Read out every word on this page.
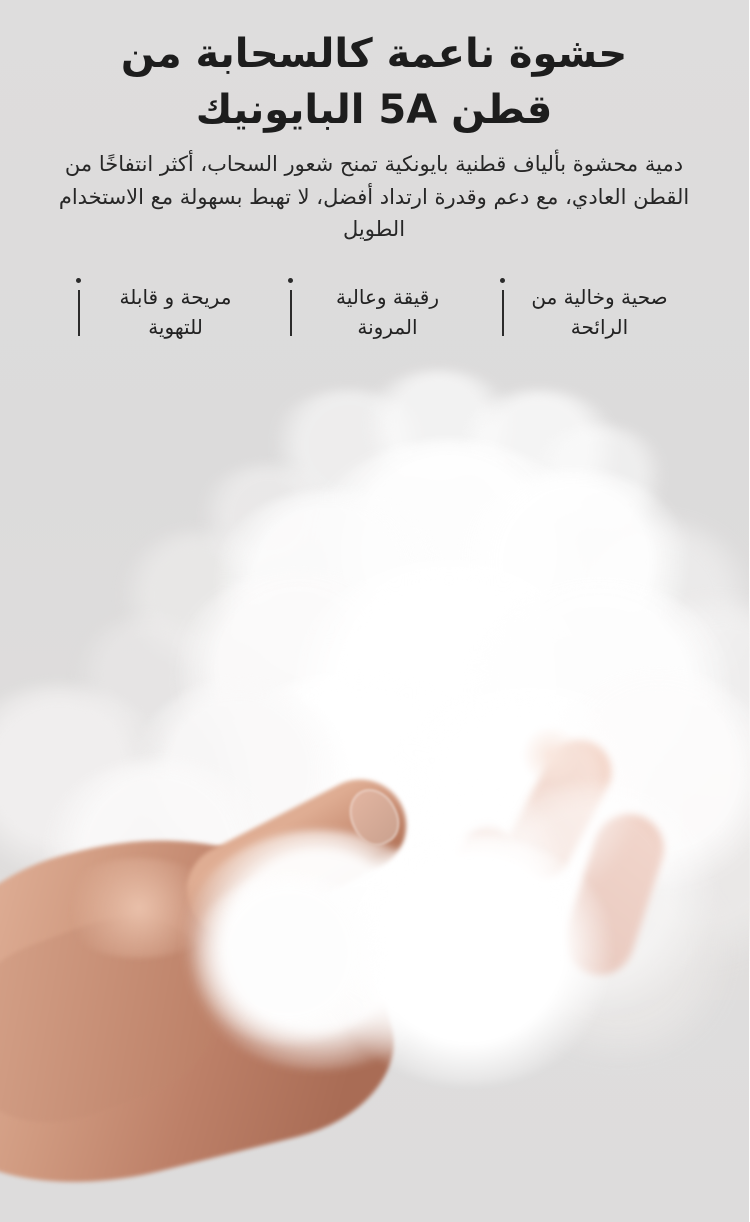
حشوة ناعمة كالسحابة من
قطن 5A البايونيك

دمية محشوة بألياف قطنية بايونكية تمنح شعور السحاب، أكثر انتفاخًا من القطن العادي، مع دعم وقدرة ارتداد أفضل، لا تهبط بسهولة مع الاستخدام الطويل

صحية وخالية من الرائحة
رقيقة وعالية المرونة
مريحة و قابلة للتهوية
